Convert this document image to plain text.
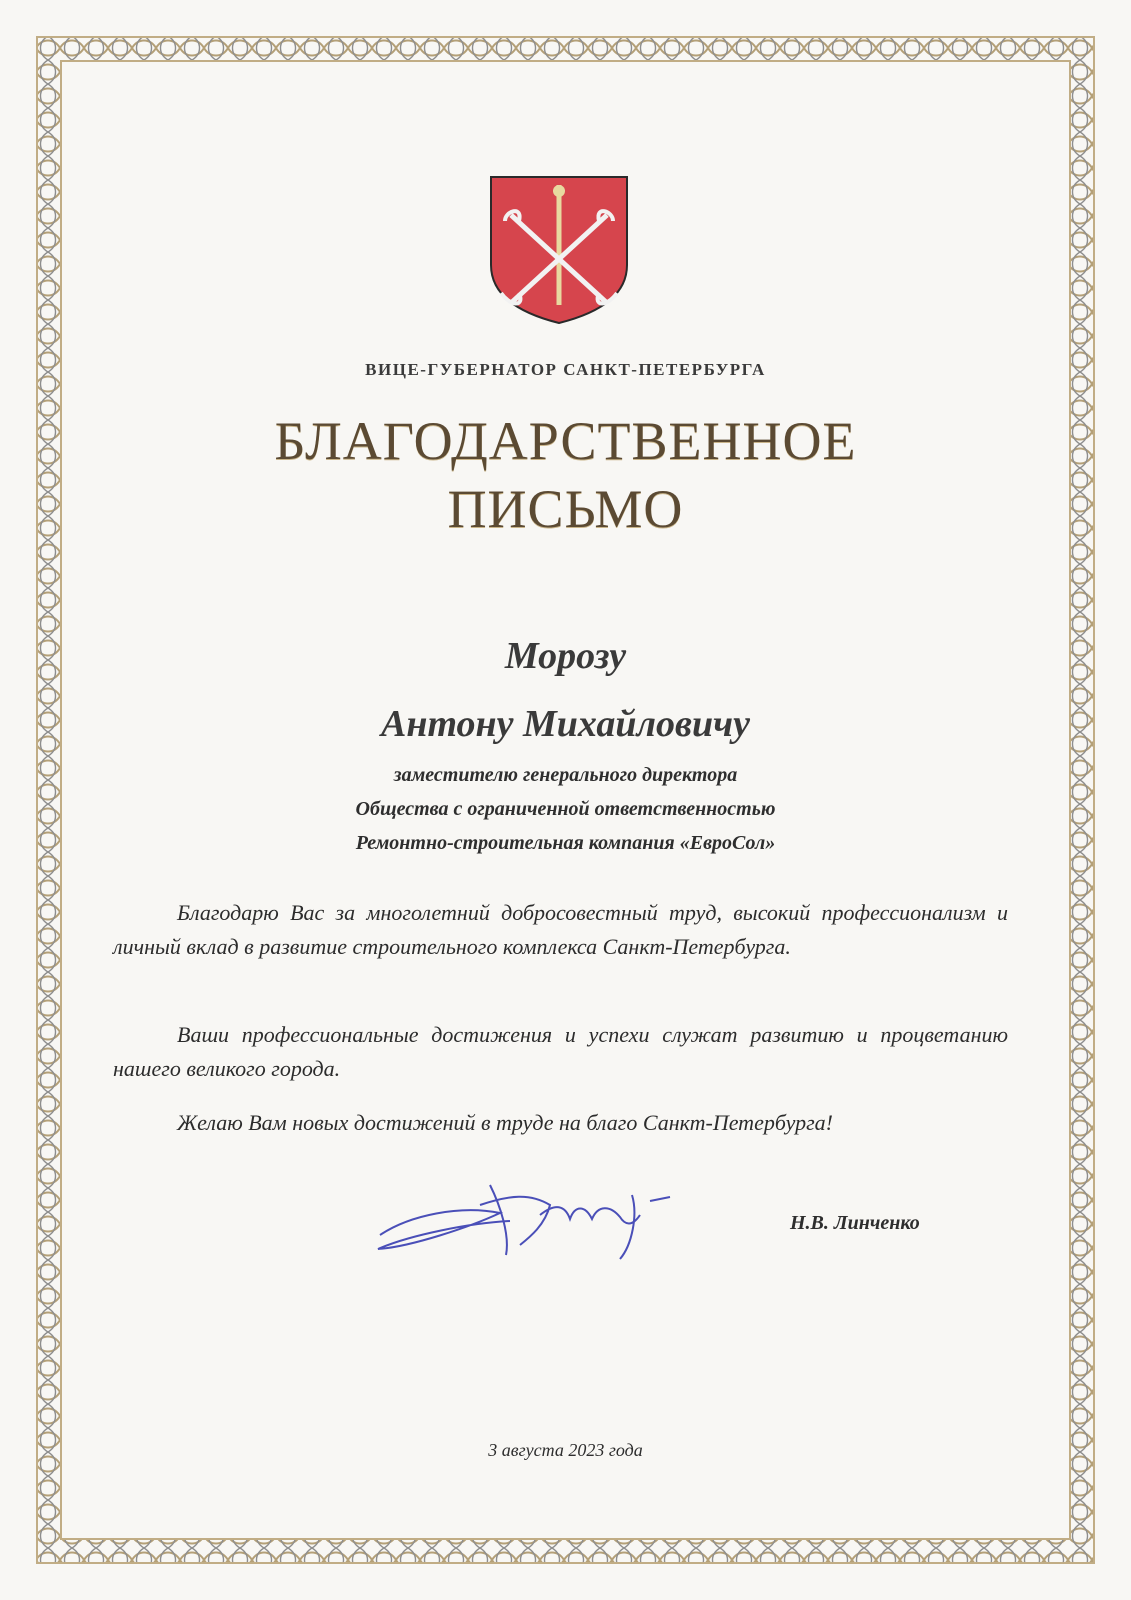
ВИЦЕ-ГУБЕРНАТОР САНКТ-ПЕТЕРБУРГА
БЛАГОДАРСТВЕННОЕ
ПИСЬМО
Морозу
Антону Михайловичу
заместителю генерального директора
Общества с ограниченной ответственностью
Ремонтно-строительная компания «ЕвроСол»
Благодарю Вас за многолетний добросовестный труд, высокий профессионализм и личный вклад в развитие строительного комплекса Санкт-Петербурга.
Ваши профессиональные достижения и успехи служат развитию и процветанию нашего великого города.
Желаю Вам новых достижений в труде на благо Санкт-Петербурга!
Н.В. Линченко
3 августа 2023 года
